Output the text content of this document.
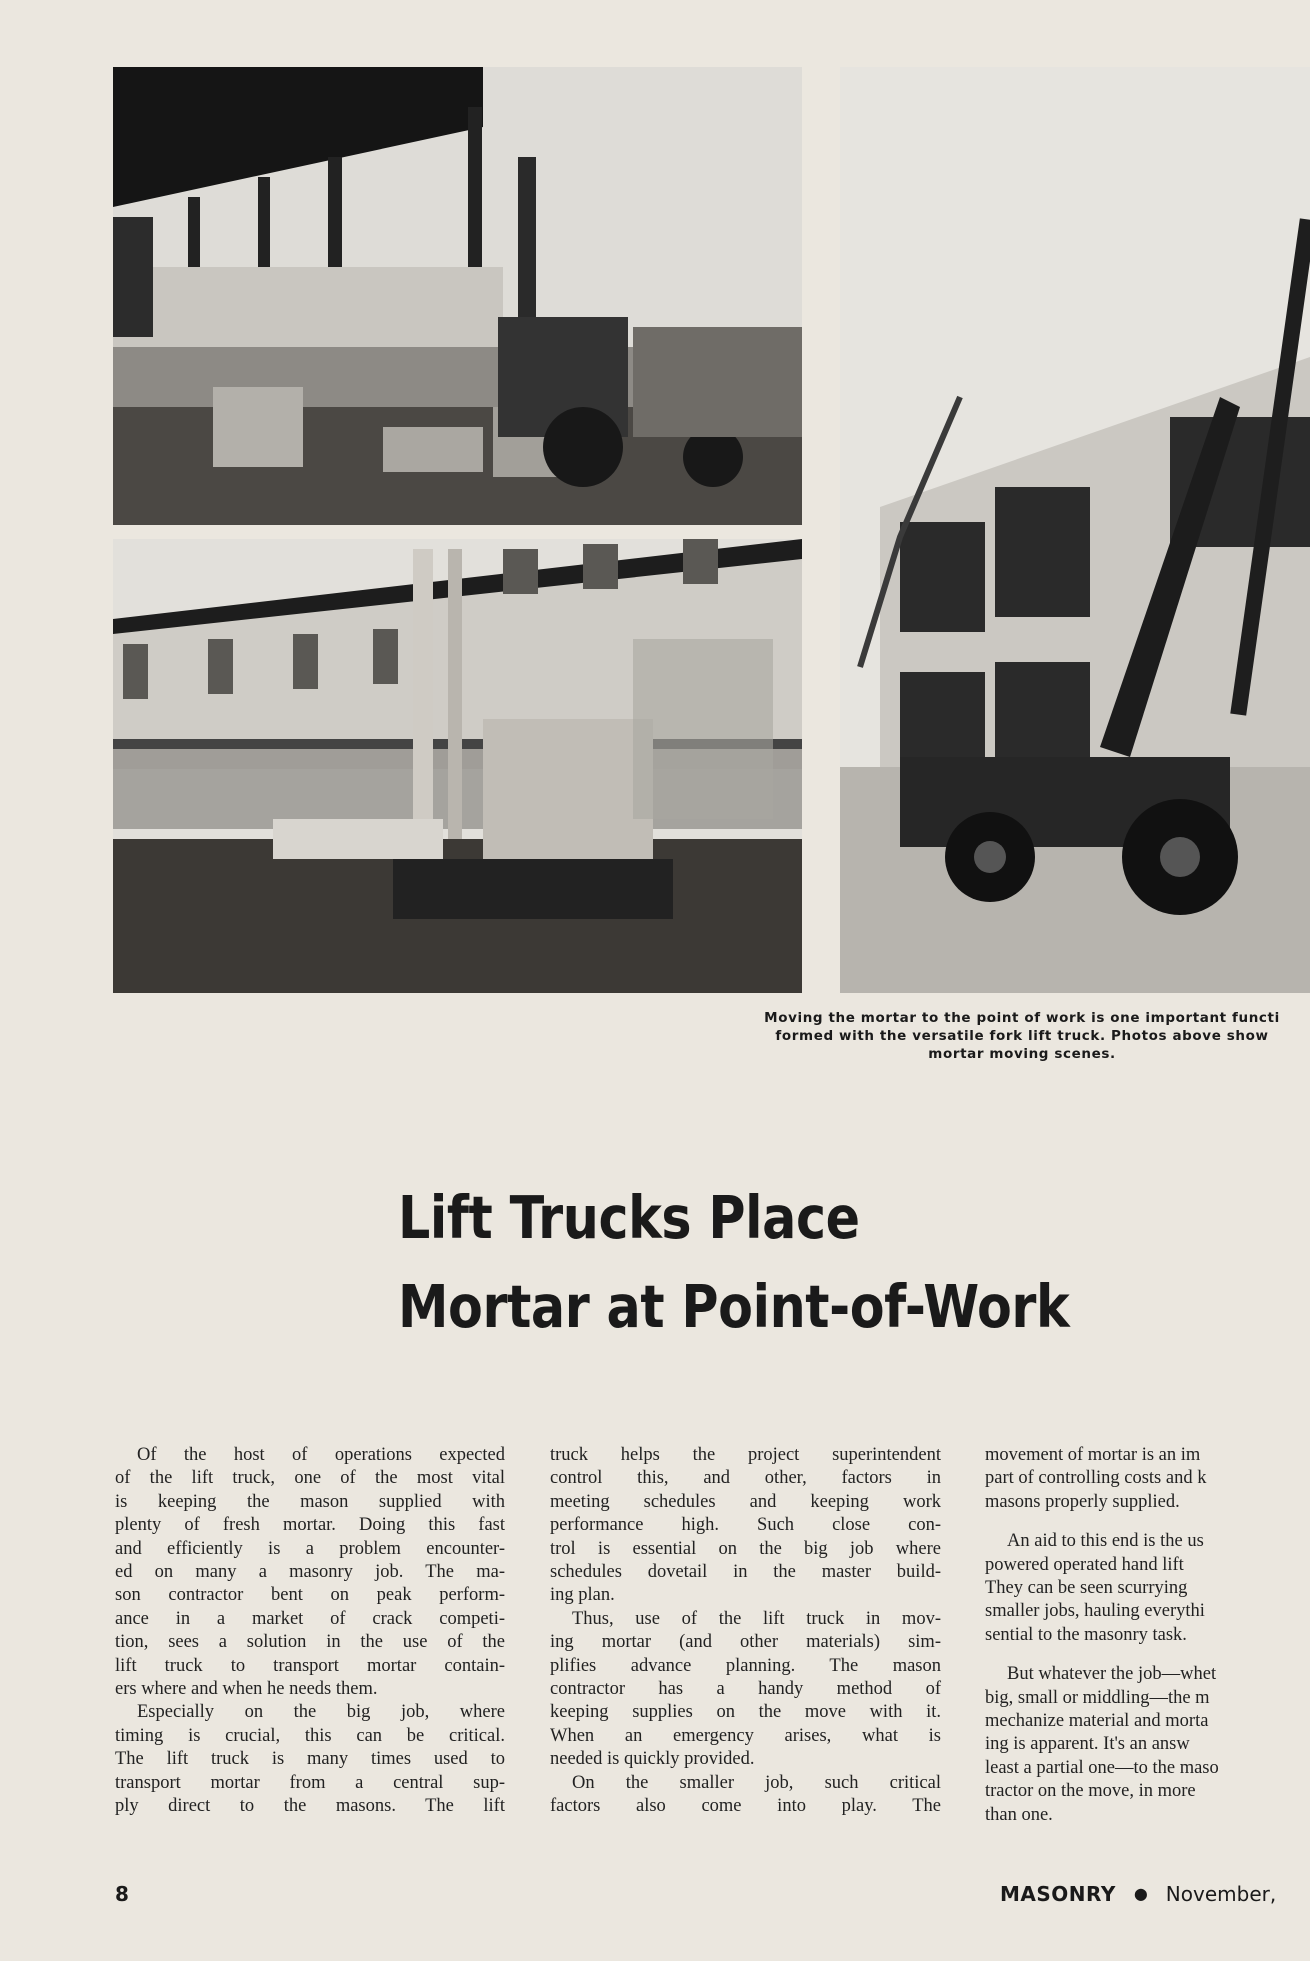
Moving the mortar to the point of work is one important functi
formed with the versatile fork lift truck. Photos above show
mortar moving scenes.
Lift Trucks Place
Mortar at Point-of-Work
Of the host of operations expected
of the lift truck, one of the most vital
is keeping the mason supplied with
plenty of fresh mortar. Doing this fast
and efficiently is a problem encounter-
ed on many a masonry job. The ma-
son contractor bent on peak perform-
ance in a market of crack competi-
tion, sees a solution in the use of the
lift truck to transport mortar contain-
ers where and when he needs them.
Especially on the big job, where
timing is crucial, this can be critical.
The lift truck is many times used to
transport mortar from a central sup-
ply direct to the masons. The lift
truck helps the project superintendent
control this, and other, factors in
meeting schedules and keeping work
performance high. Such close con-
trol is essential on the big job where
schedules dovetail in the master build-
ing plan.
Thus, use of the lift truck in mov-
ing mortar (and other materials) sim-
plifies advance planning. The mason
contractor has a handy method of
keeping supplies on the move with it.
When an emergency arises, what is
needed is quickly provided.
On the smaller job, such critical
factors also come into play. The
movement of mortar is an im
part of controlling costs and k
masons properly supplied.
An aid to this end is the us
powered operated hand lift
They can be seen scurrying
smaller jobs, hauling everythi
sential to the masonry task.
But whatever the job—whet
big, small or middling—the m
mechanize material and morta
ing is apparent. It's an answ
least a partial one—to the maso
tractor on the move, in more
than one.
8	MASONRY ● November,
